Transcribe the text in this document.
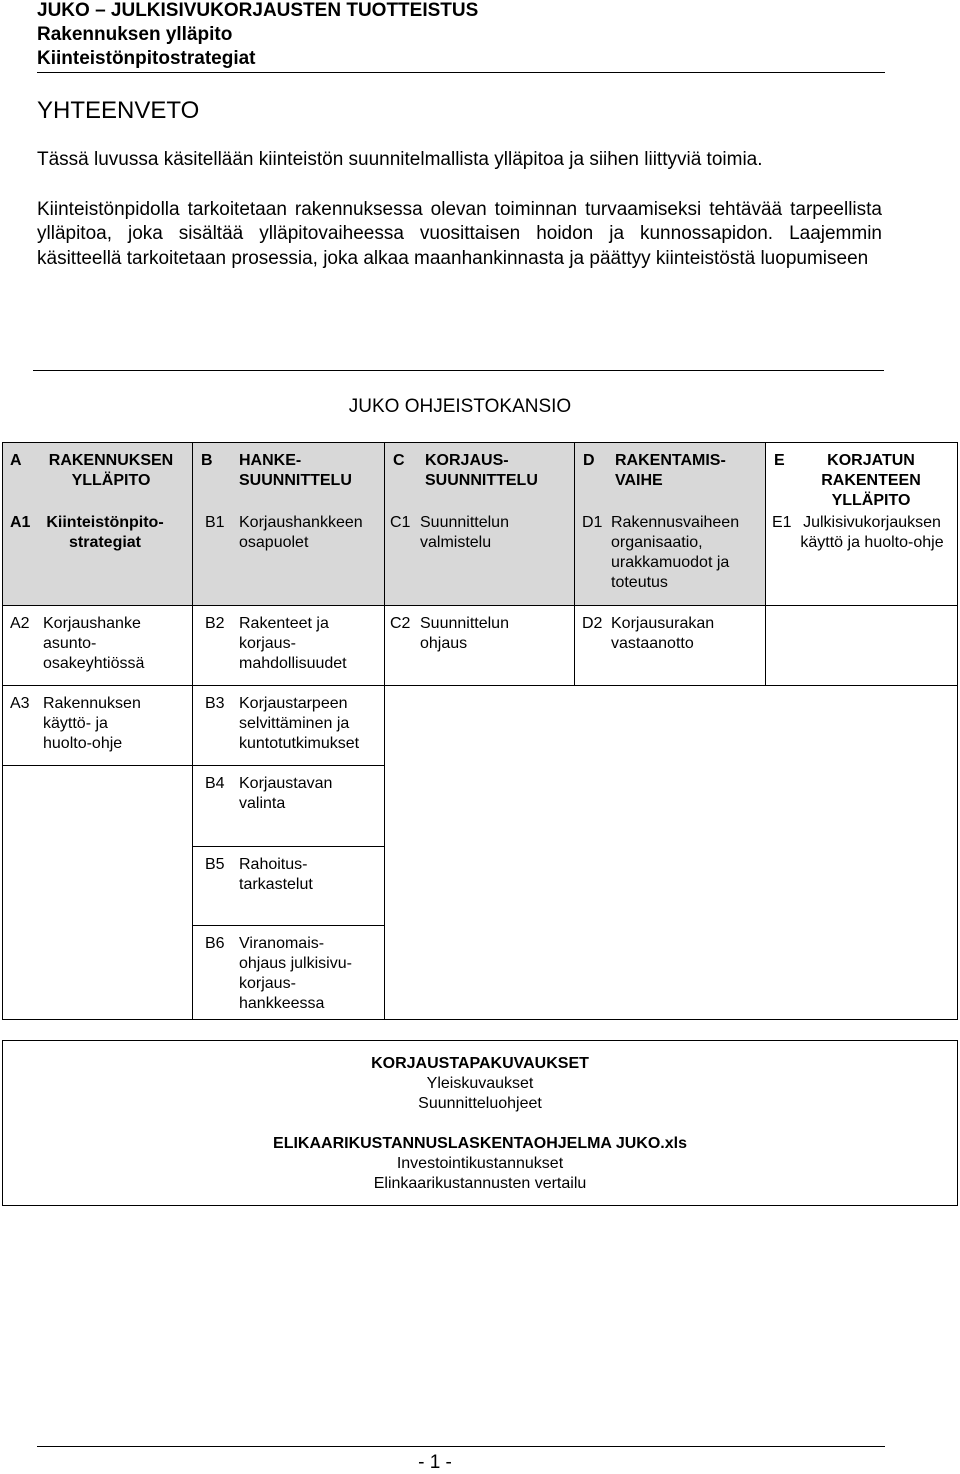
JUKO – JULKISIVUKORJAUSTEN TUOTTEISTUS
Rakennuksen ylläpito
Kiinteistönpitostrategiat
YHTEENVETO

Tässä luvussa käsitellään kiinteistön suunnitelmallista ylläpitoa ja siihen liittyviä toimia.

Kiinteistönpidolla tarkoitetaan rakennuksessa olevan toiminnan turvaamiseksi tehtävää tarpeellista ylläpitoa, joka sisältää ylläpitovaiheessa vuosittaisen hoidon ja kunnossapidon. Laajemmin käsitteellä tarkoitetaan prosessia, joka alkaa maanhankinnasta ja päättyy kiinteistöstä luopumiseen

JUKO OHJEISTOKANSIO
A	RAKENNUKSEN YLLÄPITO
B HANKE-SUUNNITTELU
C KORJAUS-SUUNNITTELU
D RAKENTAMIS-VAIHE
E	KORJATUN RAKENTEEN YLLÄPITO
A1 Kiinteistönpito-strategiat
B1 Korjaushankkeen osapuolet
C1 Suunnittelun valmistelu
D1 Rakennusvaiheen organisaatio, urakkamuodot ja toteutus
E1 Julkisivukorjauksen käyttö ja huolto-ohje
A2 Korjaushanke asunto-osakeyhtiössä
B2 Rakenteet ja korjaus-mahdollisuudet
C2 Suunnittelun ohjaus
D2 Korjausurakan vastaanotto
A3 Rakennuksen käyttö- ja huolto-ohje
B3 Korjaustarpeen selvittäminen ja kuntotutkimukset
B4 Korjaustavan valinta
B5 Rahoitus-tarkastelut
B6 Viranomais-ohjaus julkisivu-korjaus-hankkeessa
KORJAUSTAPAKUVAUKSET
Yleiskuvaukset
Suunnitteluohjeet
ELIKAARIKUSTANNUSLASKENTAOHJELMA JUKO.xls
Investointikustannukset
Elinkaarikustannusten vertailu
- 1 -
